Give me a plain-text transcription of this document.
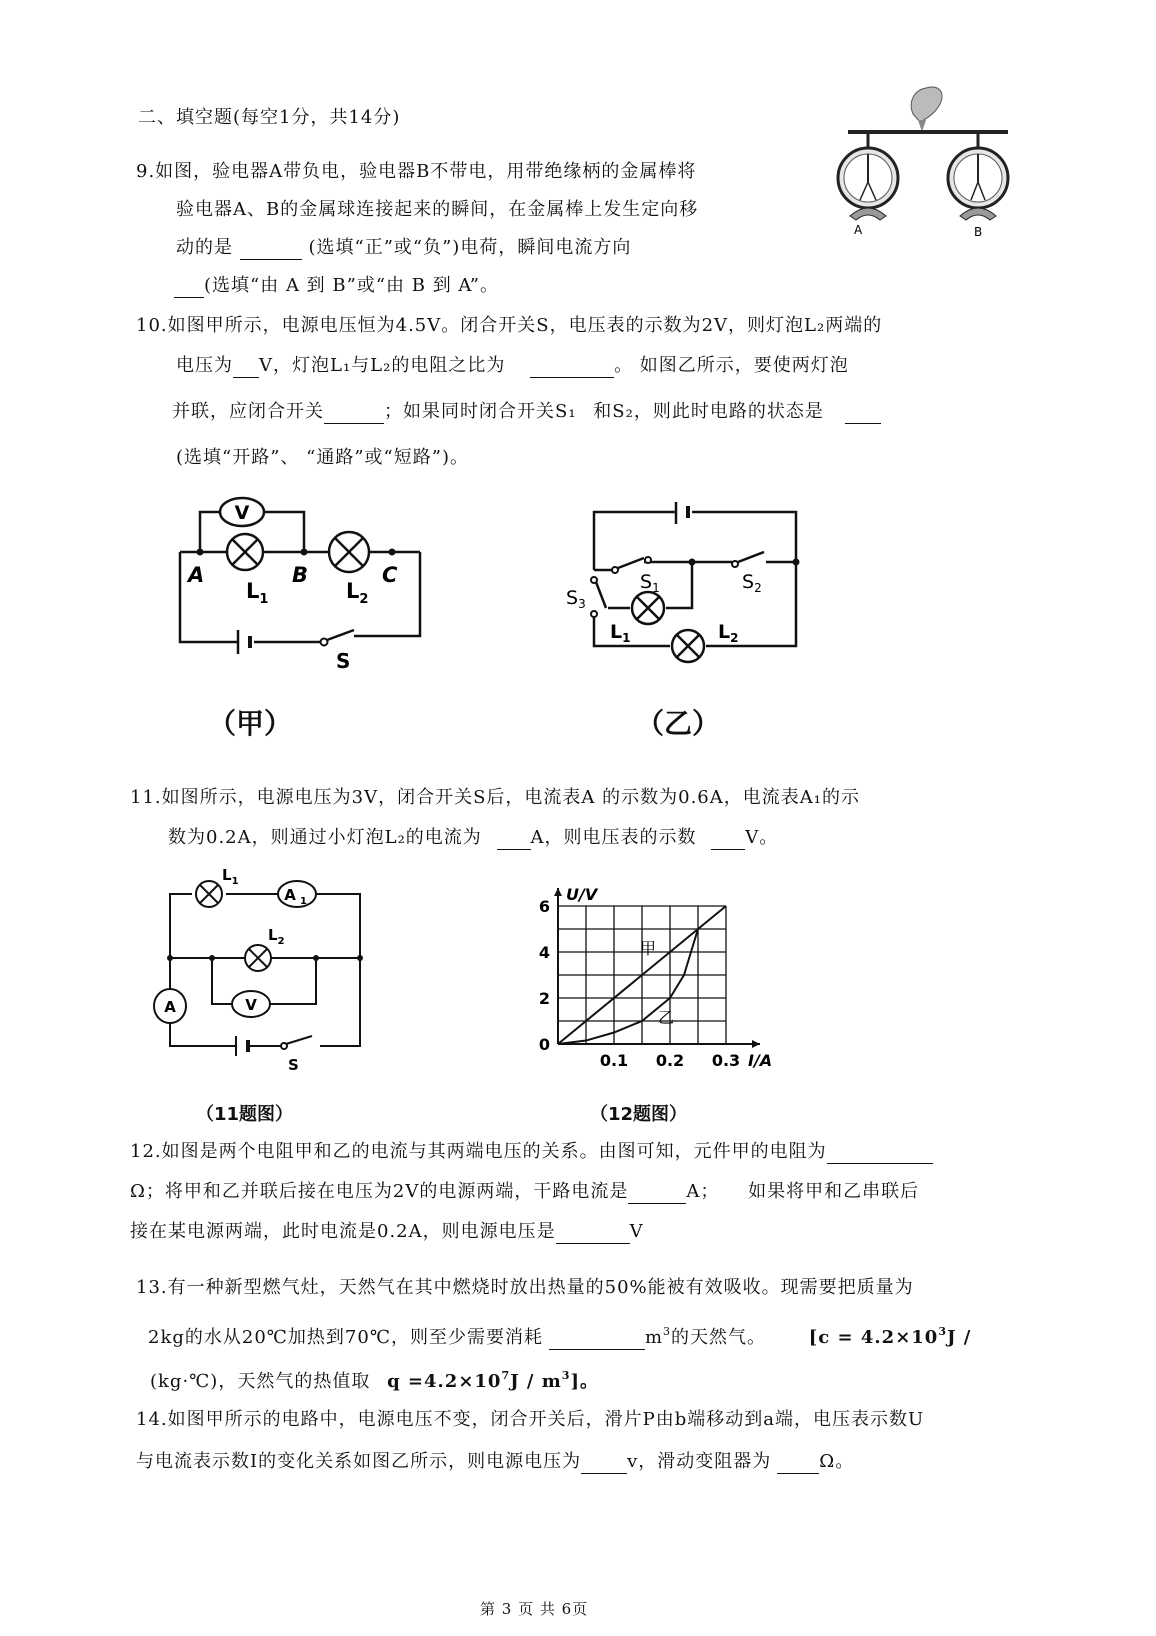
二、填空题(每空1分，共14分)
A	B
9.如图，验电器A带负电，验电器B不带电，用带绝缘柄的金属棒将
验电器A、B的金属球连接起来的瞬间，在金属棒上发生定向移
动的是	(选填“正”或“负”)电荷，瞬间电流方向
(选填“由 A 到 B”或“由 B 到 A”。
10.如图甲所示，电源电压恒为4.5V。闭合开关S，电压表的示数为2V，则灯泡L₂两端的
电压为 V，灯泡L₁与L₂的电阻之比为	。 如图乙所示，要使两灯泡
并联，应闭合开关	；如果同时闭合开关S₁ 和S₂，则此时电路的状态是
(选填“开路”、 “通路”或“短路”)。
V
A	B	C
$L_1$	$L_2$
S
（甲）
$S_1$	$S_2$
$S_3$
$L_1$	$L_2$
（乙）
11.如图所示，电源电压为3V，闭合开关S后，电流表A 的示数为0.6A，电流表A₁的示
数为0.2A，则通过小灯泡L₂的电流为	A，则电压表的示数	V。
A 1
V
A
$L_1$
$L_2$
S
（11题图）
0
2
4
6
0.1 0.2 0.3
U/V
I/A
甲
乙
（12题图）
12.如图是两个电阻甲和乙的电流与其两端电压的关系。由图可知，元件甲的电阻为
Ω；将甲和乙并联后接在电压为2V的电源两端，干路电流是	A； 如果将甲和乙串联后
接在某电源两端，此时电流是0.2A，则电源电压是	V
13.有一种新型燃气灶，天然气在其中燃烧时放出热量的50%能被有效吸收。现需要把质量为
2kg的水从20℃加热到70℃，则至少需要消耗	$m^3$的天然气。 [$c = 4.2\times 10^3J$ /
(kg·℃)，天然气的热值取 $q =4.2\times 10^7J / m^3$]。
14.如图甲所示的电路中，电源电压不变，闭合开关后，滑片P由b端移动到a端，电压表示数U
与电流表示数I的变化关系如图乙所示，则电源电压为	v，滑动变阻器为	Ω。
第 3 页 共 6页
